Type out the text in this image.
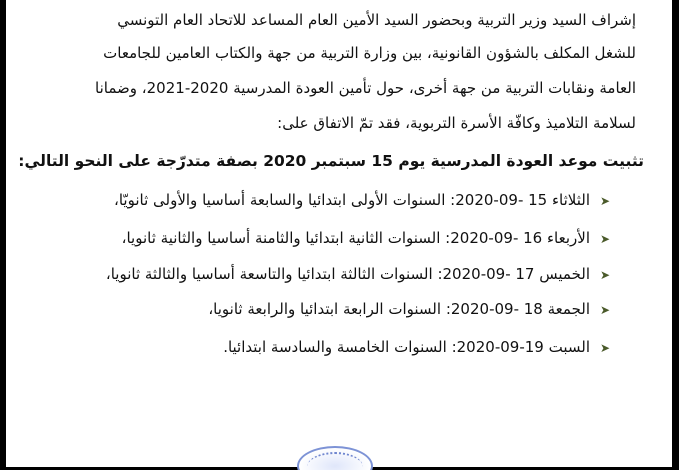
إشراف السيد وزير التربية وبحضور السيد الأمين العام المساعد للاتحاد العام التونسي
للشغل المكلف بالشؤون القانونية، بين وزارة التربية من جهة والكتاب العامين للجامعات
العامة ونقابات التربية من جهة أخرى، حول تأمين العودة المدرسية 2020-2021، وضمانا
لسلامة التلاميذ وكافّة الأسرة التربوية، فقد تمّ الاتفاق على:
تثبيت موعد العودة المدرسية يوم 15 سبتمبر 2020 بصفة متدرّجة على النحو التالي:
➤الثلاثاء 15 -09-2020: السنوات الأولى ابتدائيا والسابعة أساسيا والأولى ثانويّا،
➤الأربعاء 16 -09-2020: السنوات الثانية ابتدائيا والثامنة أساسيا والثانية ثانويا،
➤الخميس 17 -09-2020: السنوات الثالثة ابتدائيا والتاسعة أساسيا والثالثة ثانويا،
➤الجمعة 18 -09-2020: السنوات الرابعة ابتدائيا والرابعة ثانويا،
➤السبت 19-09-2020: السنوات الخامسة والسادسة ابتدائيا.
